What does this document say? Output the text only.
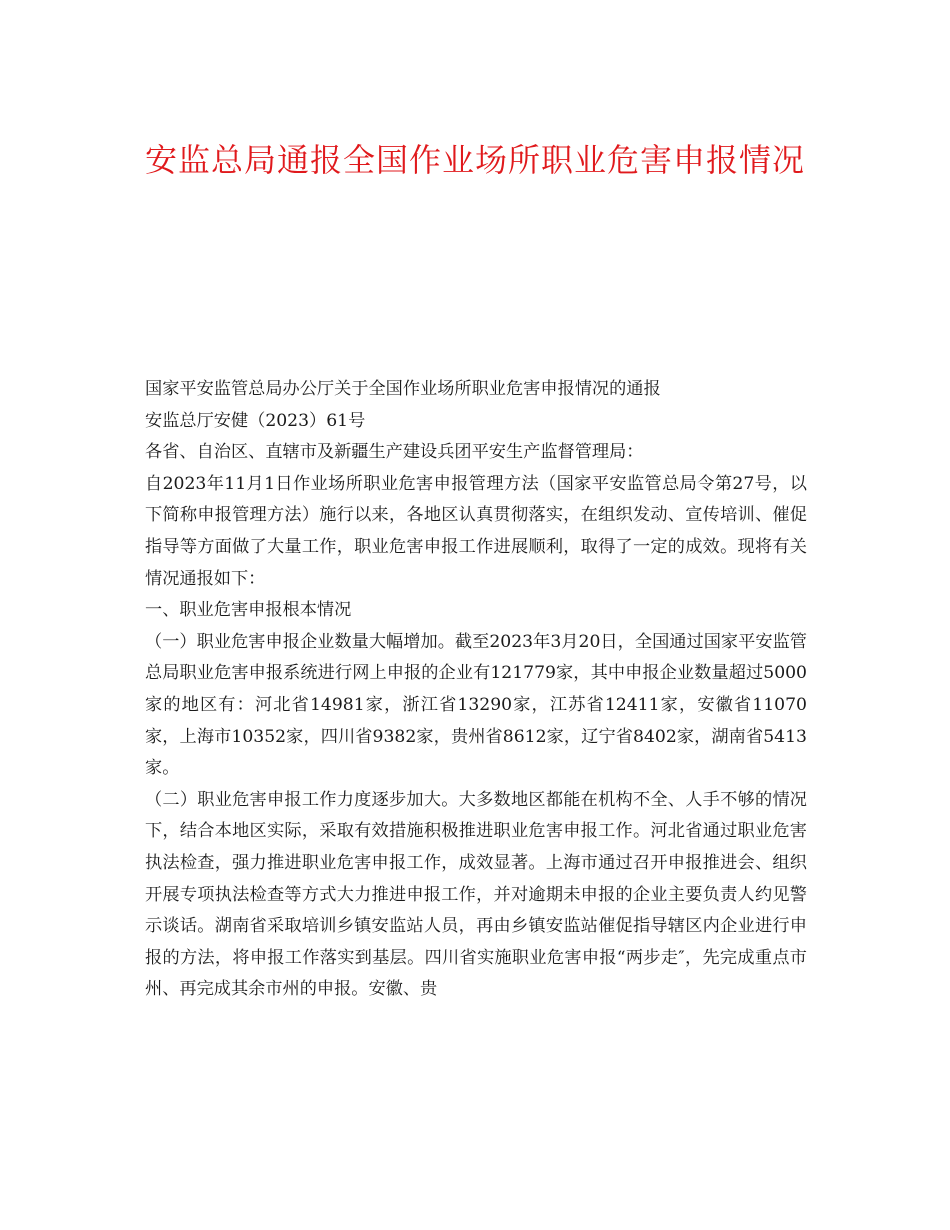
安监总局通报全国作业场所职业危害申报情况

国家平安监管总局办公厅关于全国作业场所职业危害申报情况的通报

安监总厅安健（2023）61号

各省、自治区、直辖市及新疆生产建设兵团平安生产监督管理局：

自2023年11月1日作业场所职业危害申报管理方法（国家平安监管总局令第27号，以下简称申报管理方法）施行以来，各地区认真贯彻落实，在组织发动、宣传培训、催促指导等方面做了大量工作，职业危害申报工作进展顺利，取得了一定的成效。现将有关情况通报如下：

一、职业危害申报根本情况

（一）职业危害申报企业数量大幅增加。截至2023年3月20日，全国通过国家平安监管总局职业危害申报系统进行网上申报的企业有121779家，其中申报企业数量超过5000家的地区有：河北省14981家，浙江省13290家，江苏省12411家，安徽省11070家，上海市10352家，四川省9382家，贵州省8612家，辽宁省8402家，湖南省5413家。

（二）职业危害申报工作力度逐步加大。大多数地区都能在机构不全、人手不够的情况下，结合本地区实际，采取有效措施积极推进职业危害申报工作。河北省通过职业危害执法检查，强力推进职业危害申报工作，成效显著。上海市通过召开申报推进会、组织开展专项执法检查等方式大力推进申报工作，并对逾期未申报的企业主要负责人约见警示谈话。湖南省采取培训乡镇安监站人员，再由乡镇安监站催促指导辖区内企业进行申报的方法，将申报工作落实到基层。四川省实施职业危害申报“两步走″，先完成重点市州、再完成其余市州的申报。安徽、贵
